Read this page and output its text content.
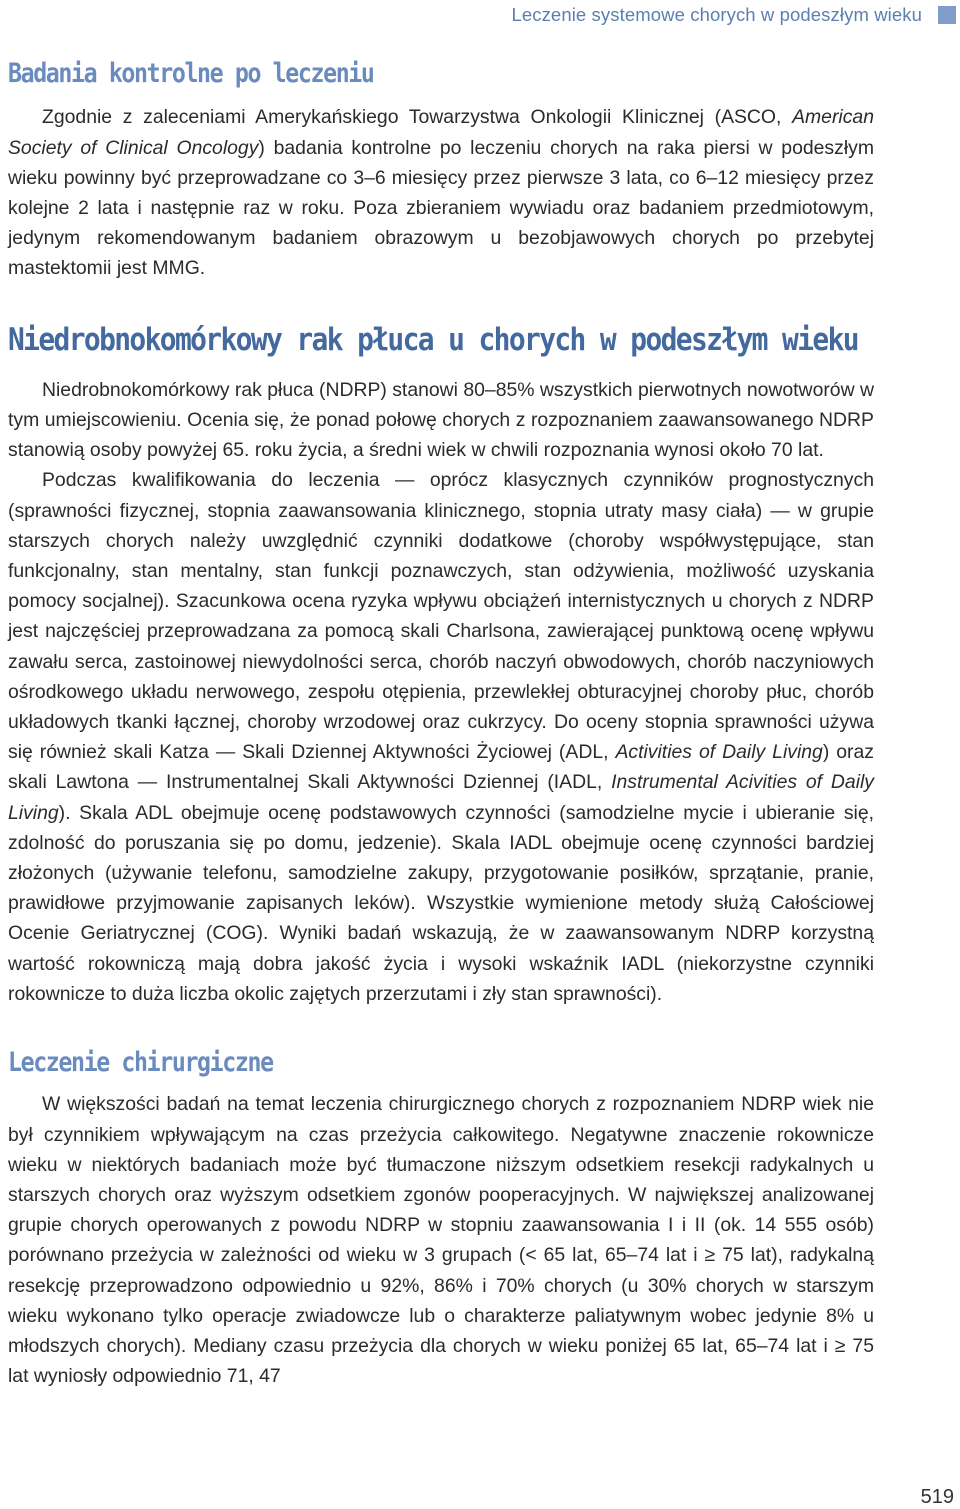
Leczenie systemowe chorych w podeszłym wieku
Badania kontrolne po leczeniu

Zgodnie z zaleceniami Amerykańskiego Towarzystwa Onkologii Klinicznej (ASCO, American Society of Clinical Oncology) badania kontrolne po leczeniu chorych na raka piersi w podeszłym wieku powinny być przeprowadzane co 3–6 miesięcy przez pierwsze 3 lata, co 6–12 miesięcy przez kolejne 2 lata i następnie raz w roku. Poza zbieraniem wywiadu oraz badaniem przedmiotowym, jedynym rekomendowanym badaniem obrazowym u bezobjawowych chorych po przebytej mastektomii jest MMG.

Niedrobnokomórkowy rak płuca u chorych w podeszłym wieku

Niedrobnokomórkowy rak płuca (NDRP) stanowi 80–85% wszystkich pierwotnych nowotworów w tym umiejscowieniu. Ocenia się, że ponad połowę chorych z rozpoznaniem zaawansowanego NDRP stanowią osoby powyżej 65. roku życia, a średni wiek w chwili rozpoznania wynosi około 70 lat.

Podczas kwalifikowania do leczenia — oprócz klasycznych czynników prognostycznych (sprawności fizycznej, stopnia zaawansowania klinicznego, stopnia utraty masy ciała) — w grupie starszych chorych należy uwzględnić czynniki dodatkowe (choroby współwystępujące, stan funkcjonalny, stan mentalny, stan funkcji poznawczych, stan odżywienia, możliwość uzyskania pomocy socjalnej). Szacunkowa ocena ryzyka wpływu obciążeń internistycznych u chorych z NDRP jest najczęściej przeprowadzana za pomocą skali Charlsona, zawierającej punktową ocenę wpływu zawału serca, zastoinowej niewydolności serca, chorób naczyń obwodowych, chorób naczyniowych ośrodkowego układu nerwowego, zespołu otępienia, przewlekłej obturacyjnej choroby płuc, chorób układowych tkanki łącznej, choroby wrzodowej oraz cukrzycy. Do oceny stopnia sprawności używa się również skali Katza — Skali Dziennej Aktywności Życiowej (ADL, Activities of Daily Living) oraz skali Lawtona — Instrumentalnej Skali Aktywności Dziennej (IADL, Instrumental Acivities of Daily Living). Skala ADL obejmuje ocenę podstawowych czynności (samodzielne mycie i ubieranie się, zdolność do poruszania się po domu, jedzenie). Skala IADL obejmuje ocenę czynności bardziej złożonych (używanie telefonu, samodzielne zakupy, przygotowanie posiłków, sprzątanie, pranie, prawidłowe przyjmowanie zapisanych leków). Wszystkie wymienione metody służą Całościowej Ocenie Geriatrycznej (COG). Wyniki badań wskazują, że w zaawansowanym NDRP korzystną wartość rokowniczą mają dobra jakość życia i wysoki wskaźnik IADL (niekorzystne czynniki rokownicze to duża liczba okolic zajętych przerzutami i zły stan sprawności).

Leczenie chirurgiczne

W większości badań na temat leczenia chirurgicznego chorych z rozpoznaniem NDRP wiek nie był czynnikiem wpływającym na czas przeżycia całkowitego. Negatywne znaczenie rokownicze wieku w niektórych badaniach może być tłumaczone niższym odsetkiem resekcji radykalnych u starszych chorych oraz wyższym odsetkiem zgonów pooperacyjnych. W największej analizowanej grupie chorych operowanych z powodu NDRP w stopniu zaawansowania I i II (ok. 14 555 osób) porównano przeżycia w zależności od wieku w 3 grupach (< 65 lat, 65–74 lat i ≥ 75 lat), radykalną resekcję przeprowadzono odpowiednio u 92%, 86% i 70% chorych (u 30% chorych w starszym wieku wykonano tylko operacje zwiadowcze lub o charakterze paliatywnym wobec jedynie 8% u młodszych chorych). Mediany czasu przeżycia dla chorych w wieku poniżej 65 lat, 65–74 lat i ≥ 75 lat wyniosły odpowiednio 71, 47

519
